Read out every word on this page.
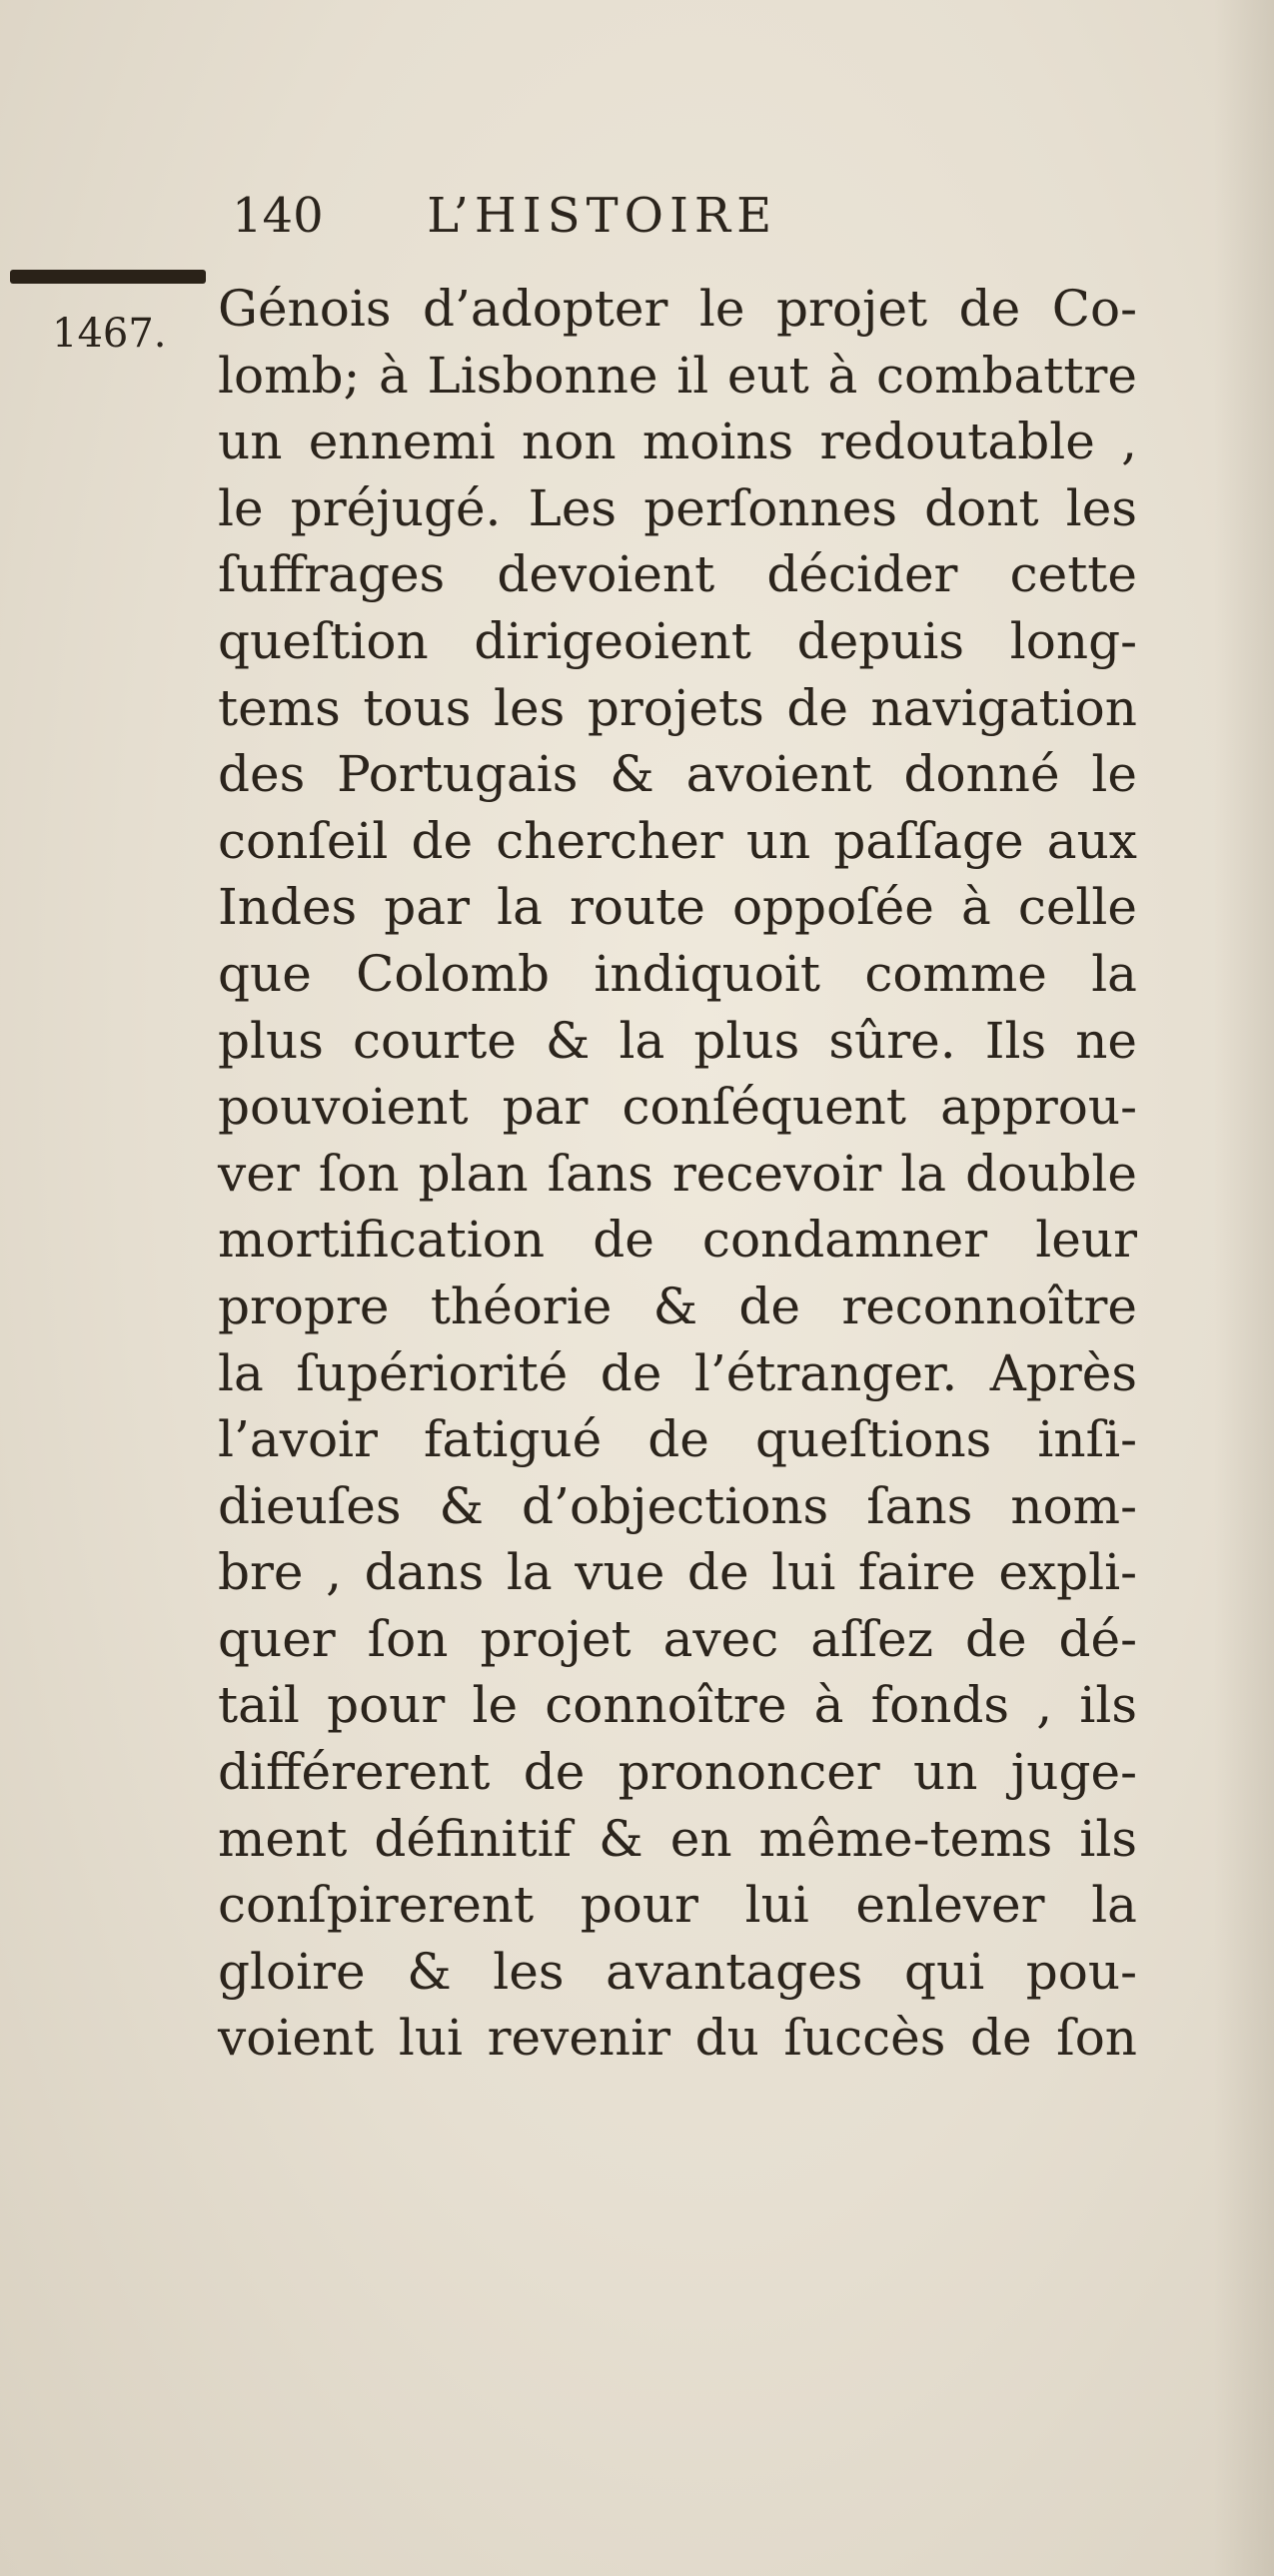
140 L’HISTOIRE
1467. Génois d’adopter le projet de Co-
lomb; à Lisbonne il eut à combattre
un ennemi non moins redoutable ,
le préjugé. Les perſonnes dont les
ſuffrages devoient décider cette
queſtion dirigeoient depuis long-
tems tous les projets de navigation
des Portugais & avoient donné le
conſeil de chercher un paſſage aux
Indes par la route oppoſée à celle
que Colomb indiquoit comme la
plus courte & la plus sûre. Ils ne
pouvoient par conſéquent approu-
ver ſon plan ſans recevoir la double
mortification de condamner leur
propre théorie & de reconnoître
la ſupériorité de l’étranger. Après
l’avoir fatigué de queſtions inſi-
dieuſes & d’objections ſans nom-
bre , dans la vue de lui faire expli-
quer ſon projet avec aſſez de dé-
tail pour le connoître à fonds , ils
différerent de prononcer un juge-
ment définitif & en même-tems ils
conſpirerent pour lui enlever la
gloire & les avantages qui pou-
voient lui revenir du ſuccès de ſon
